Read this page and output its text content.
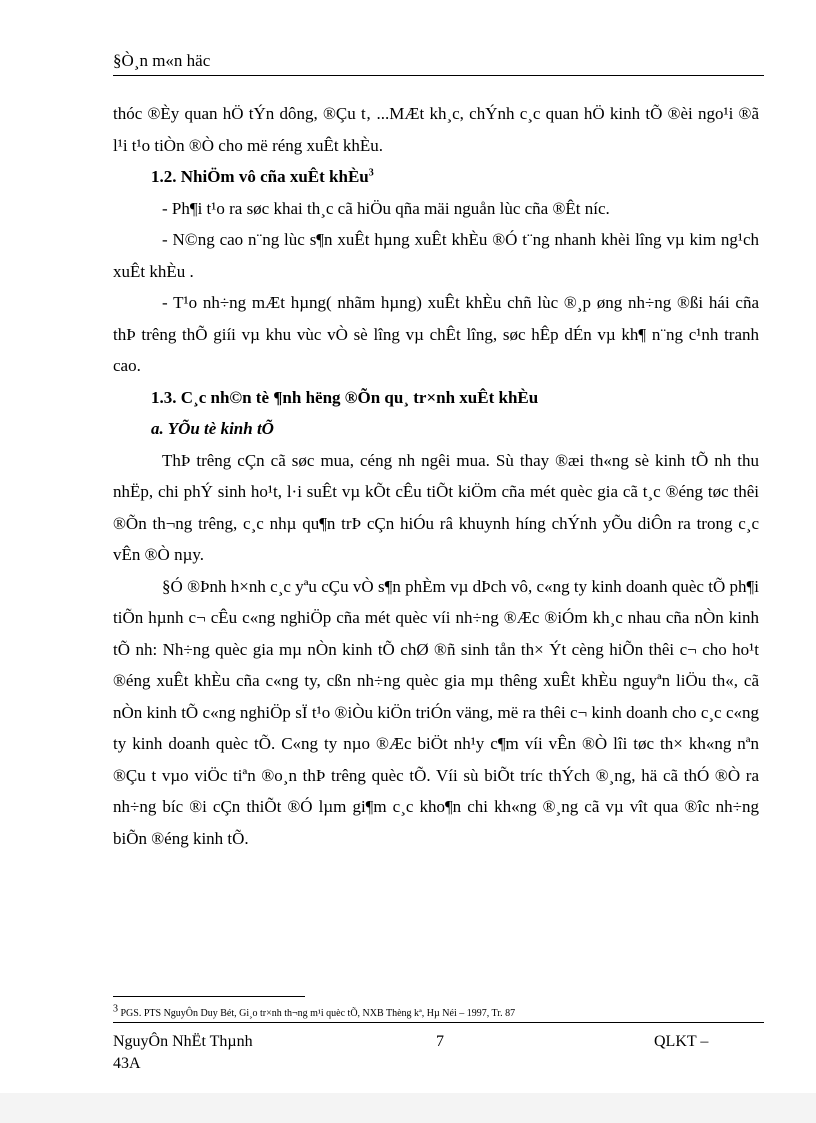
§Ò¸n m«n häc

thóc ®Èy quan hÖ tÝn dông, ®Çu t‚ ...MÆt kh¸c, chÝnh c¸c quan hÖ kinh tÕ ®èi ngo¹i ®ã l¹i t¹o tiÒn ®Ò cho më réng xuÊt khÈu.

1.2. NhiÖm vô cña xuÊt khÈu$^3$

- Ph¶i t¹o ra søc khai th¸c cã hiÖu qña mäi nguån lùc cña ®Êt níc.

- N©ng cao n¨ng lùc s¶n xuÊt hµng xuÊt khÈu ®Ó t¨ng nhanh khèi lîng vµ kim ng¹ch xuÊt khÈu .

- T¹o nh÷ng mÆt hµng( nhãm hµng) xuÊt khÈu chñ lùc ®¸p øng nh÷ng ®ßi hái cña thÞ trêng thÕ giíi vµ khu vùc vÒ sè lîng vµ chÊt lîng, søc hÊp dÉn vµ kh¶ n¨ng c¹nh tranh cao.

1.3. C¸c nh©n tè ¶nh hëng ®Õn qu¸ tr×nh xuÊt khÈu

a. YÕu tè kinh tÕ

ThÞ trêng cÇn cã søc mua, céng nh ngêi mua. Sù thay ®æi th«ng sè kinh tÕ nh thu nhËp, chi phÝ sinh ho¹t, l·i suÊt vµ kÕt cÊu tiÕt kiÖm cña mét quèc gia cã t¸c ®éng tøc thêi ®Õn th¬ng trêng, c¸c nhµ qu¶n trÞ cÇn hiÓu râ khuynh híng chÝnh yÕu diÔn ra trong c¸c vÊn ®Ò nµy.

§Ó ®Þnh h×nh c¸c yªu cÇu vÒ s¶n phÈm vµ dÞch vô, c«ng ty kinh doanh quèc tÕ ph¶i tiÕn hµnh c¬ cÊu c«ng nghiÖp cña mét quèc víi nh÷ng ®Æc ®iÓm kh¸c nhau cña nÒn kinh tÕ nh: Nh÷ng quèc gia mµ nÒn kinh tÕ chØ ®ñ sinh tån th× Ýt cèng hiÕn thêi c¬ cho ho¹t ®éng xuÊt khÈu cña c«ng ty, cßn nh÷ng quèc gia mµ thêng xuÊt khÈu nguyªn liÖu th«, cã nÒn kinh tÕ c«ng nghiÖp sÏ t¹o ®iÒu kiÖn triÓn väng, më ra thêi c¬ kinh doanh cho c¸c c«ng ty kinh doanh quèc tÕ. C«ng ty nµo ®Æc biÖt nh¹y c¶m víi vÊn ®Ò lîi tøc th× kh«ng nªn ®Çu t vµo viÖc tiªn ®o¸n thÞ trêng quèc tÕ. Víi sù biÕt tríc thÝch ®¸ng, hä cã thÓ ®Ò ra nh÷ng bíc ®i cÇn thiÕt ®Ó lµm gi¶m c¸c kho¶n chi kh«ng ®¸ng cã vµ vît qua ®îc nh÷ng biÕn ®éng kinh tÕ.

$^3$ PGS. PTS NguyÔn Duy Bét, Gi¸o tr×nh th¬ng m¹i quèc tÕ, NXB Thèng kª, Hµ Néi – 1997, Tr. 87
NguyÔn NhËt Thµnh
43A
7	QLKT –
